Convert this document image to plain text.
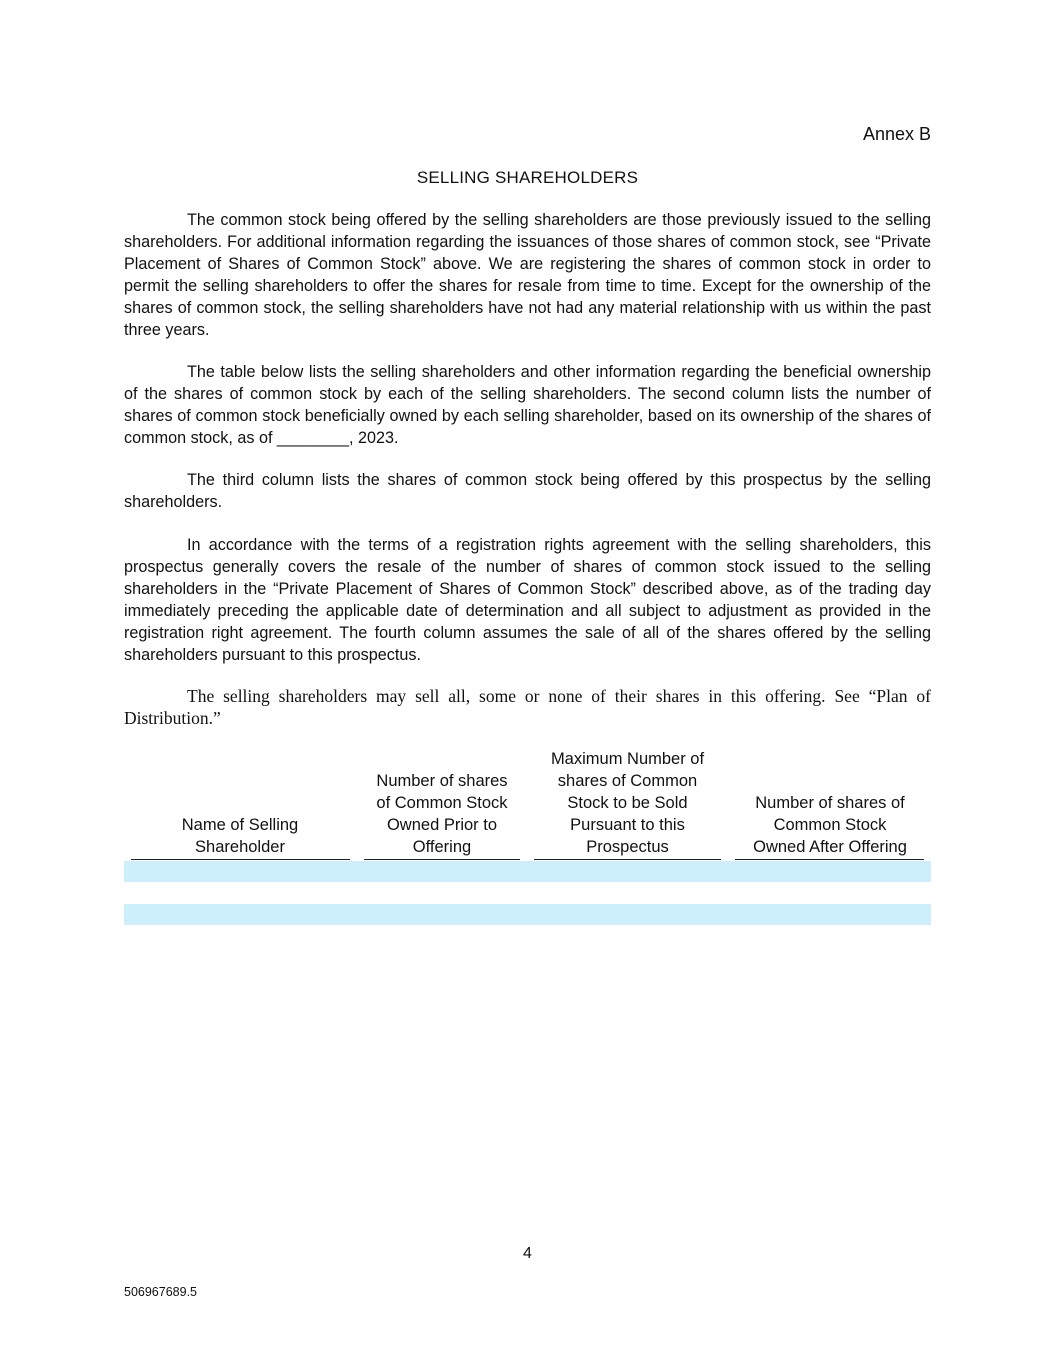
Annex B
SELLING SHAREHOLDERS

The common stock being offered by the selling shareholders are those previously issued to the selling shareholders. For additional information regarding the issuances of those shares of common stock, see “Private Placement of Shares of Common Stock” above. We are registering the shares of common stock in order to permit the selling shareholders to offer the shares for resale from time to time. Except for the ownership of the shares of common stock, the selling shareholders have not had any material relationship with us within the past three years.

The table below lists the selling shareholders and other information regarding the beneficial ownership of the shares of common stock by each of the selling shareholders. The second column lists the number of shares of common stock beneficially owned by each selling shareholder, based on its ownership of the shares of common stock, as of ________, 2023.

The third column lists the shares of common stock being offered by this prospectus by the selling shareholders.

In accordance with the terms of a registration rights agreement with the selling shareholders, this prospectus generally covers the resale of the number of shares of common stock issued to the selling shareholders in the “Private Placement of Shares of Common Stock” described above, as of the trading day immediately preceding the applicable date of determination and all subject to adjustment as provided in the registration right agreement. The fourth column assumes the sale of all of the shares offered by the selling shareholders pursuant to this prospectus.

The selling shareholders may sell all, some or none of their shares in this offering. See “Plan of Distribution.”

Name of Selling
Shareholder
Number of shares
of Common Stock
Owned Prior to
Offering
Maximum Number of
shares of Common
Stock to be Sold
Pursuant to this
Prospectus
Number of shares of
Common Stock
Owned After Offering
4
506967689.5
